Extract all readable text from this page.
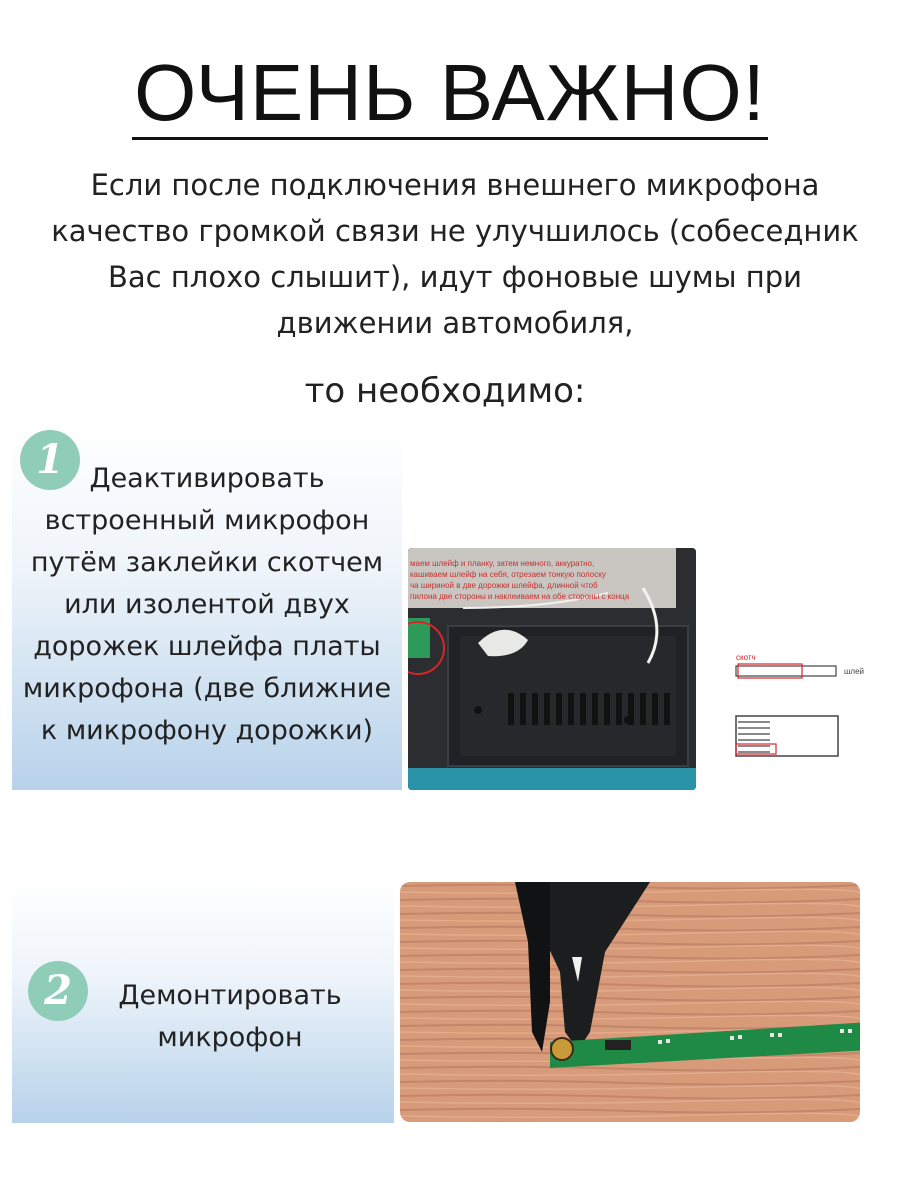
ОЧЕНЬ ВАЖНО!
Если после подключения внешнего микрофона качество громкой связи не улучшилось (собеседник Вас плохо слышит), идут фоновые шумы при движении автомобиля,
то необходимо:
Деактивировать встроенный микрофон путём заклейки скотчем или изолентой двух дорожек шлейфа платы микрофона (две ближние к микрофону дорожки)
1
маем шлейф и планку, затем немного, аккуратно,
кашиваем шлейф на себя, отрезаем тонкую полоску
ча шириной в две дорожки шлейфа, длинной чтоб
пилона две стороны и наклеиваем на обе стороны с конца
скотч
шлей
2	Демонтировать микрофон
